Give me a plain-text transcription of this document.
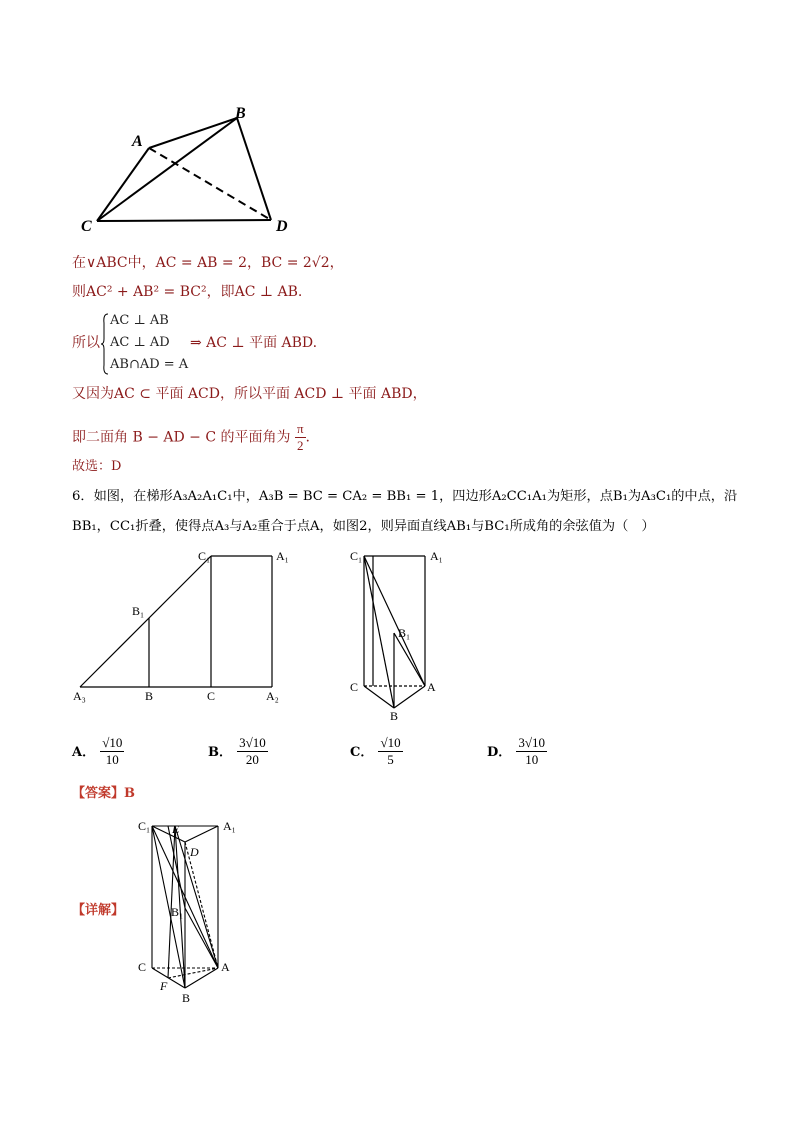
A
B
C	D
在∨ABC中，AC = AB = 2，BC = 2√2，
则AC² + AB² = BC²，即AC ⊥ AB.
所以
AC ⊥ AB
AC ⊥ AD
AB∩AD = A
⇒ AC ⊥ 平面 ABD.
又因为AC ⊂ 平面 ACD，所以平面 ACD ⊥ 平面 ABD，
即二面角 B − AD − C 的平面角为 $\frac{\pi}{2}$ .
故选：D
6．如图，在梯形A₃A₂A₁C₁中，A₃B = BC = CA₂ = BB₁ = 1，四边形A₂CC₁A₁为矩形，点B₁为A₃C₁的中点，沿
BB₁，CC₁折叠，使得点A₃与A₂重合于点A，如图2，则异面直线AB₁与BC₁所成角的余弦值为（　）
C₁	A₁
B₁
A₃	B	C	A₂
C₁	A₁
B₁
C	A
B
A． $\frac{√10}{10}$	B． $\frac{3√10}{20}$	C． $\frac{√10}{5}$	D． $\frac{3√10}{10}$
【答案】B
【详解】
C₁ E	A₁
D
B₁
C	A
F
B
